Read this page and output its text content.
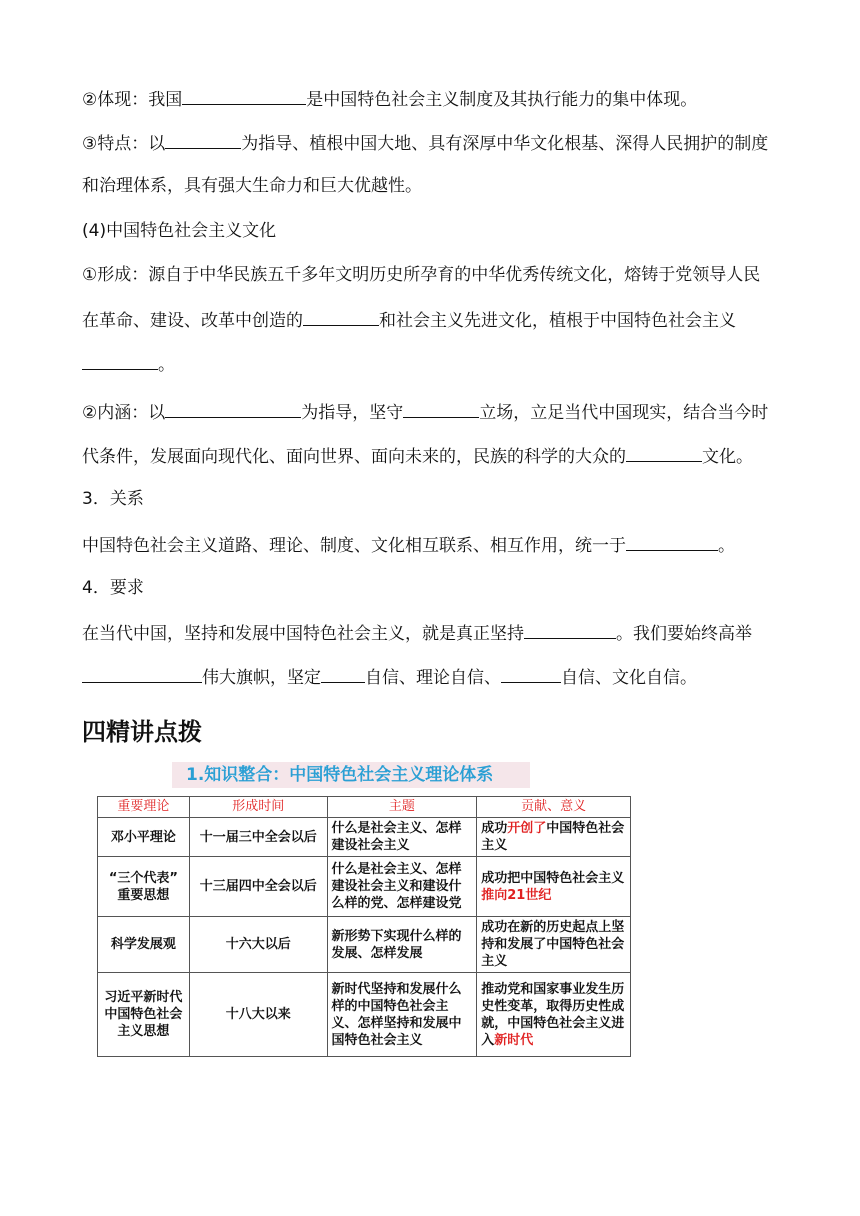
②体现：我国	是中国特色社会主义制度及其执行能力的集中体现。
③特点：以	为指导、植根中国大地、具有深厚中华文化根基、深得人民拥护的制度
和治理体系，具有强大生命力和巨大优越性。
(4)中国特色社会主义文化
①形成：源自于中华民族五千多年文明历史所孕育的中华优秀传统文化，熔铸于党领导人民
在革命、建设、改革中创造的	和社会主义先进文化，植根于中国特色社会主义
。
②内涵：以	为指导，坚守	立场，立足当代中国现实，结合当今时
代条件，发展面向现代化、面向世界、面向未来的，民族的科学的大众的	文化。
3．关系
中国特色社会主义道路、理论、制度、文化相互联系、相互作用，统一于	。
4．要求
在当代中国，坚持和发展中国特色社会主义，就是真正坚持	。我们要始终高举
伟大旗帜，坚定	自信、理论自信、	自信、文化自信。
四精讲点拨
1.知识整合：中国特色社会主义理论体系
重要理论	形成时间	主题	贡献、意义
邓小平理论	十一届三中全会以后	什么是社会主义、怎样建设社会主义	成功开创了中国特色社会主义
“三个代表”
重要思想	十三届四中全会以后	什么是社会主义、怎样建设社会主义和建设什么样的党、怎样建设党	成功把中国特色社会主义推向21世纪
科学发展观	十六大以后	新形势下实现什么样的发展、怎样发展	成功在新的历史起点上坚持和发展了中国特色社会主义
习近平新时代
中国特色社会
主义思想	十八大以来	新时代坚持和发展什么样的中国特色社会主义、怎样坚持和发展中国特色社会主义	推动党和国家事业发生历史性变革，取得历史性成就，中国特色社会主义进入新时代
